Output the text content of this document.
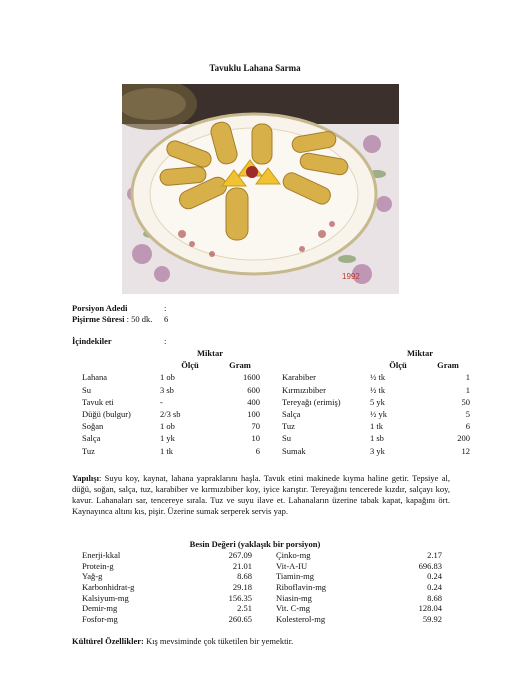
Tavuklu Lahana Sarma
1992
Porsiyon Adedi	: 6
Pişirme Süresi : 50 dk.
İçindekiler	:
	Miktar	
	Ölçü	Gram
Lahana	1 ob	1600
Su	3 sb	600
Tavuk eti	-	400
Düğü (bulgur)	2/3 sb	100
Soğan	1 ob	70
Salça	1 yk	10
Tuz	1 tk	6
	Miktar	
	Ölçü	Gram
Karabiber	½ tk	1
Kırmızıbiber	½ tk	1
Tereyağı (erimiş)	5 yk	50
Salça	½ yk	5
Tuz	1 tk	6
Su	1 sb	200
Sumak	3 yk	12
Yapılışı: Suyu koy, kaynat, lahana yapraklarını haşla. Tavuk etini makinede kıyma haline getir. Tepsiye al, düğü, soğan, salça, tuz, karabiber ve kırmızıbiber koy, iyice karıştır. Tereyağını tencerede kızdır, salçayı koy, kavur. Lahanaları sar, tencereye sırala. Tuz ve suyu ilave et. Lahanaların üzerine tabak kapat, kapağını ört. Kaynayınca altını kıs, pişir. Üzerine sumak serperek servis yap.
Besin Değeri (yaklaşık bir porsiyon)
Enerji-kkal	267.09
Protein-g	21.01
Yağ-g	8.68
Karbonhidrat-g	29.18
Kalsiyum-mg	156.35
Demir-mg	2.51
Fosfor-mg	260.65
Çinko-mg	2.17
Vit-A-IU	696.83
Tiamin-mg	0.24
Riboflavin-mg	0.24
Niasin-mg	8.68
Vit. C-mg	128.04
Kolesterol-mg	59.92
Kültürel Özellikler: Kış mevsiminde çok tüketilen bir yemektir.
